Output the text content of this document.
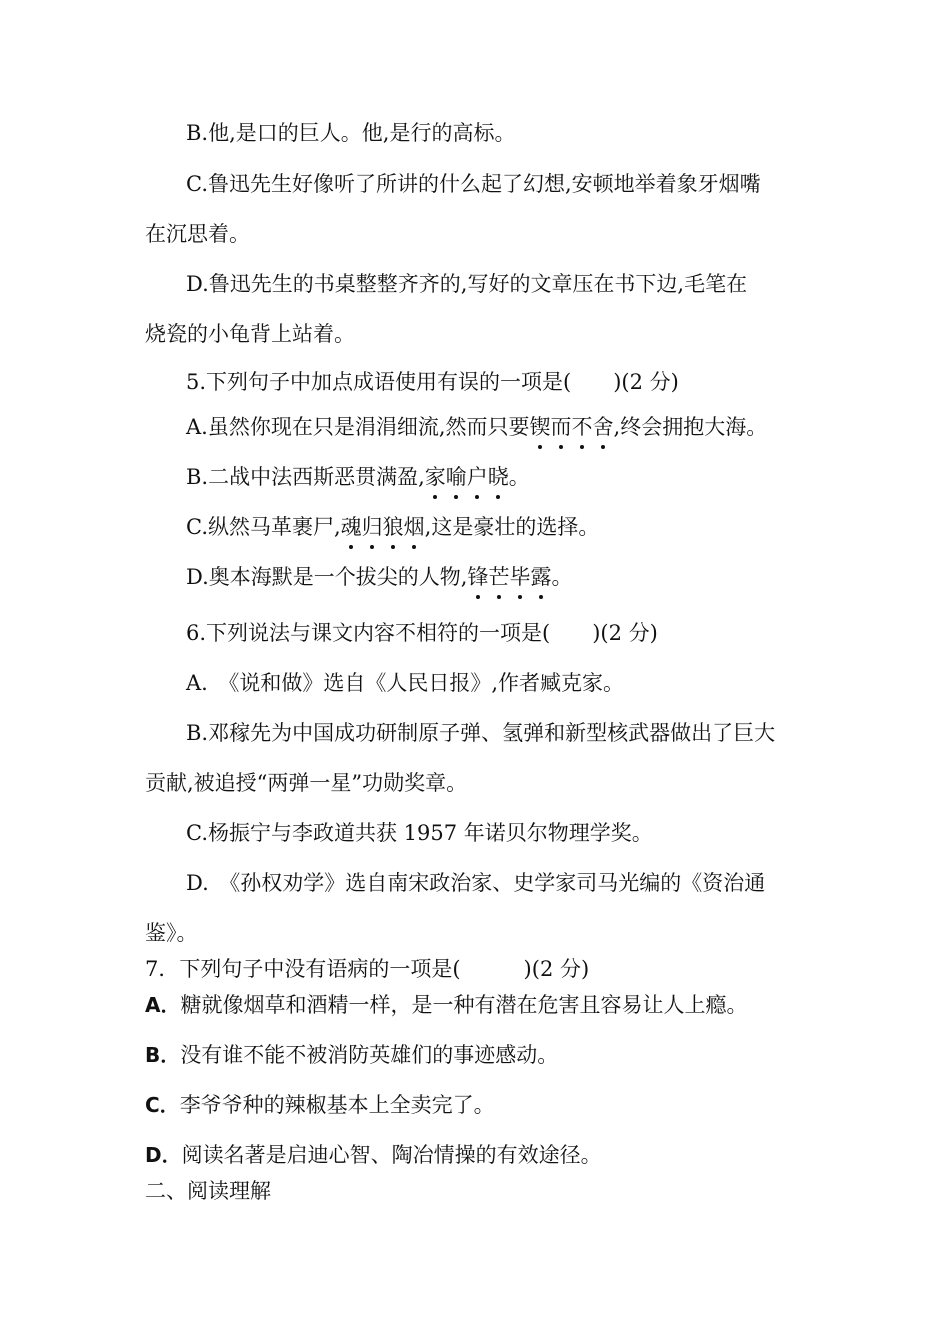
B.他,是口的巨人。他,是行的高标。
C.鲁迅先生好像听了所讲的什么起了幻想,安顿地举着象牙烟嘴
在沉思着。
D.鲁迅先生的书桌整整齐齐的,写好的文章压在书下边,毛笔在
烧瓷的小龟背上站着。
5.下列句子中加点成语使用有误的一项是(　　)(2 分)
A.虽然你现在只是涓涓细流,然而只要锲而不舍,终会拥抱大海。
B.二战中法西斯恶贯满盈,家喻户晓。
C.纵然马革裹尸,魂归狼烟,这是豪壮的选择。
D.奥本海默是一个拔尖的人物,锋芒毕露。
6.下列说法与课文内容不相符的一项是(　　)(2 分)
A.　《说和做》选自《人民日报》,作者臧克家。
B.邓稼先为中国成功研制原子弹、氢弹和新型核武器做出了巨大
贡献,被追授“两弹一星”功勋奖章。
C.杨振宁与李政道共获 1957 年诺贝尔物理学奖。
D.　《孙权劝学》选自南宋政治家、史学家司马光编的《资治通
鉴》。
7．下列句子中没有语病的一项是(　　　)(2 分)
A．糖就像烟草和酒精一样，是一种有潜在危害且容易让人上瘾。
B．没有谁不能不被消防英雄们的事迹感动。
C．李爷爷种的辣椒基本上全卖完了。
D．阅读名著是启迪心智、陶冶情操的有效途径。
二、阅读理解
